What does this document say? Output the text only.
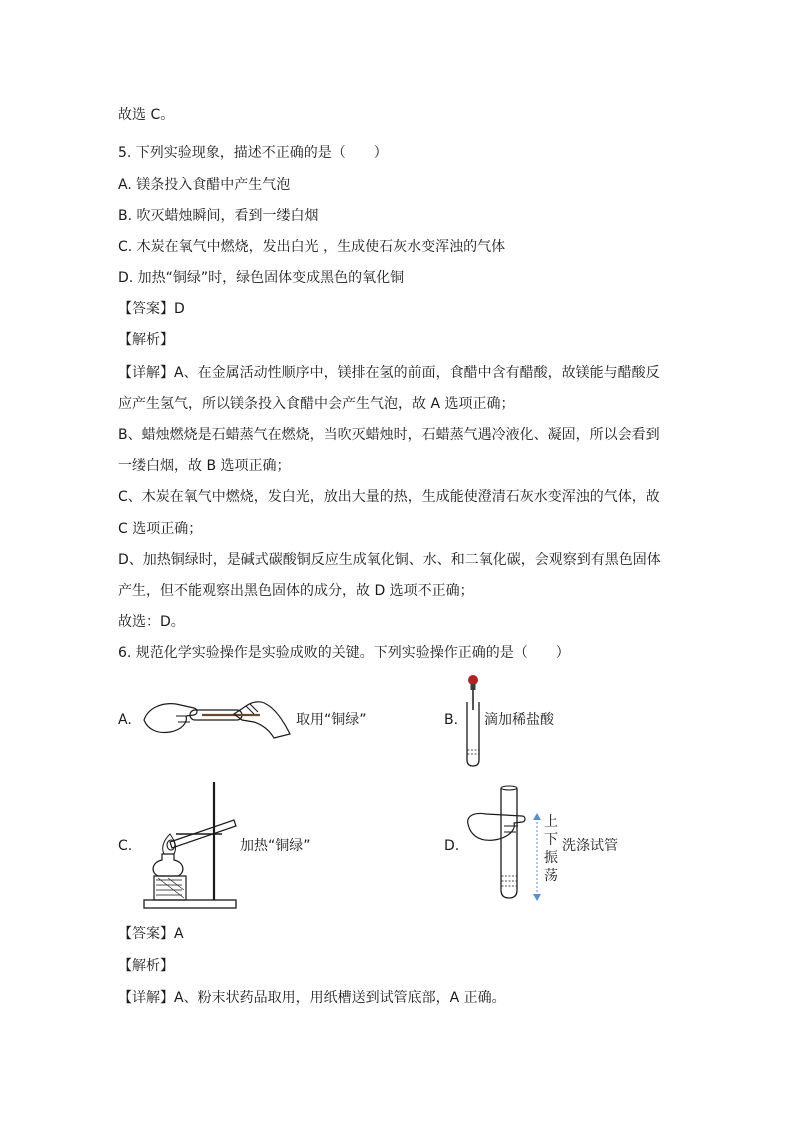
故选 C。
5. 下列实验现象，描述不正确的是（　　）
A. 镁条投入食醋中产生气泡
B. 吹灭蜡烛瞬间，看到一缕白烟
C. 木炭在氧气中燃烧，发出白光 ，生成使石灰水变浑浊的气体
D. 加热“铜绿”时，绿色固体变成黑色的氧化铜
【答案】D
【解析】
【详解】A、在金属活动性顺序中，镁排在氢的前面，食醋中含有醋酸，故镁能与醋酸反
应产生氢气，所以镁条投入食醋中会产生气泡，故 A 选项正确；
B、蜡烛燃烧是石蜡蒸气在燃烧，当吹灭蜡烛时，石蜡蒸气遇冷液化、凝固，所以会看到
一缕白烟，故 B 选项正确；
C、木炭在氧气中燃烧，发白光，放出大量的热，生成能使澄清石灰水变浑浊的气体，故
C 选项正确；
D、加热铜绿时，是碱式碳酸铜反应生成氧化铜、水、和二氧化碳，会观察到有黑色固体
产生，但不能观察出黑色固体的成分，故 D 选项不正确；
故选：D。
6. 规范化学实验操作是实验成败的关键。下列实验操作正确的是（　　）
A.	取用“铜绿”	B. 滴加稀盐酸
C.	加热“铜绿”	D.
上
下
振
荡
洗涤试管
【答案】A
【解析】
【详解】A、粉末状药品取用，用纸槽送到试管底部，A 正确。
